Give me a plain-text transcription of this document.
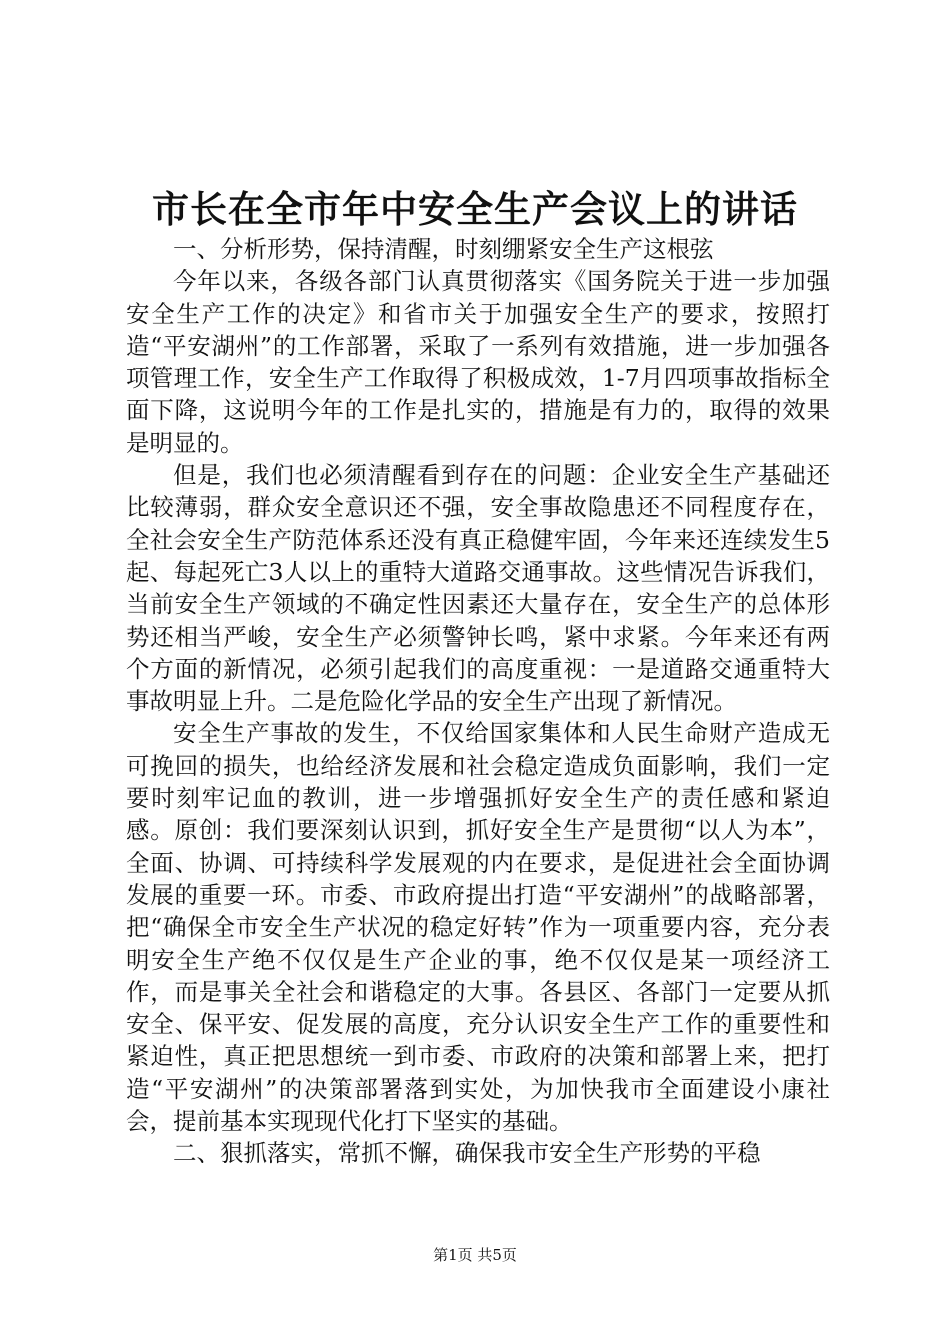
市长在全市年中安全生产会议上的讲话

一、分析形势，保持清醒，时刻绷紧安全生产这根弦

今年以来，各级各部门认真贯彻落实《国务院关于进一步加强安全生产工作的决定》和省市关于加强安全生产的要求，按照打造“平安湖州”的工作部署，采取了一系列有效措施，进一步加强各项管理工作，安全生产工作取得了积极成效，1-7月四项事故指标全面下降，这说明今年的工作是扎实的，措施是有力的，取得的效果是明显的。

但是，我们也必须清醒看到存在的问题：企业安全生产基础还比较薄弱，群众安全意识还不强，安全事故隐患还不同程度存在，全社会安全生产防范体系还没有真正稳健牢固，今年来还连续发生5起、每起死亡3人以上的重特大道路交通事故。这些情况告诉我们，当前安全生产领域的不确定性因素还大量存在，安全生产的总体形势还相当严峻，安全生产必须警钟长鸣，紧中求紧。今年来还有两个方面的新情况，必须引起我们的高度重视：一是道路交通重特大事故明显上升。二是危险化学品的安全生产出现了新情况。

安全生产事故的发生，不仅给国家集体和人民生命财产造成无可挽回的损失，也给经济发展和社会稳定造成负面影响，我们一定要时刻牢记血的教训，进一步增强抓好安全生产的责任感和紧迫感。原创：我们要深刻认识到，抓好安全生产是贯彻“以人为本”，全面、协调、可持续科学发展观的内在要求，是促进社会全面协调发展的重要一环。市委、市政府提出打造“平安湖州”的战略部署，把“确保全市安全生产状况的稳定好转”作为一项重要内容，充分表明安全生产绝不仅仅是生产企业的事，绝不仅仅是某一项经济工作，而是事关全社会和谐稳定的大事。各县区、各部门一定要从抓安全、保平安、促发展的高度，充分认识安全生产工作的重要性和紧迫性，真正把思想统一到市委、市政府的决策和部署上来，把打造“平安湖州”的决策部署落到实处，为加快我市全面建设小康社会，提前基本实现现代化打下坚实的基础。

二、狠抓落实，常抓不懈，确保我市安全生产形势的平稳

第1页 共5页
